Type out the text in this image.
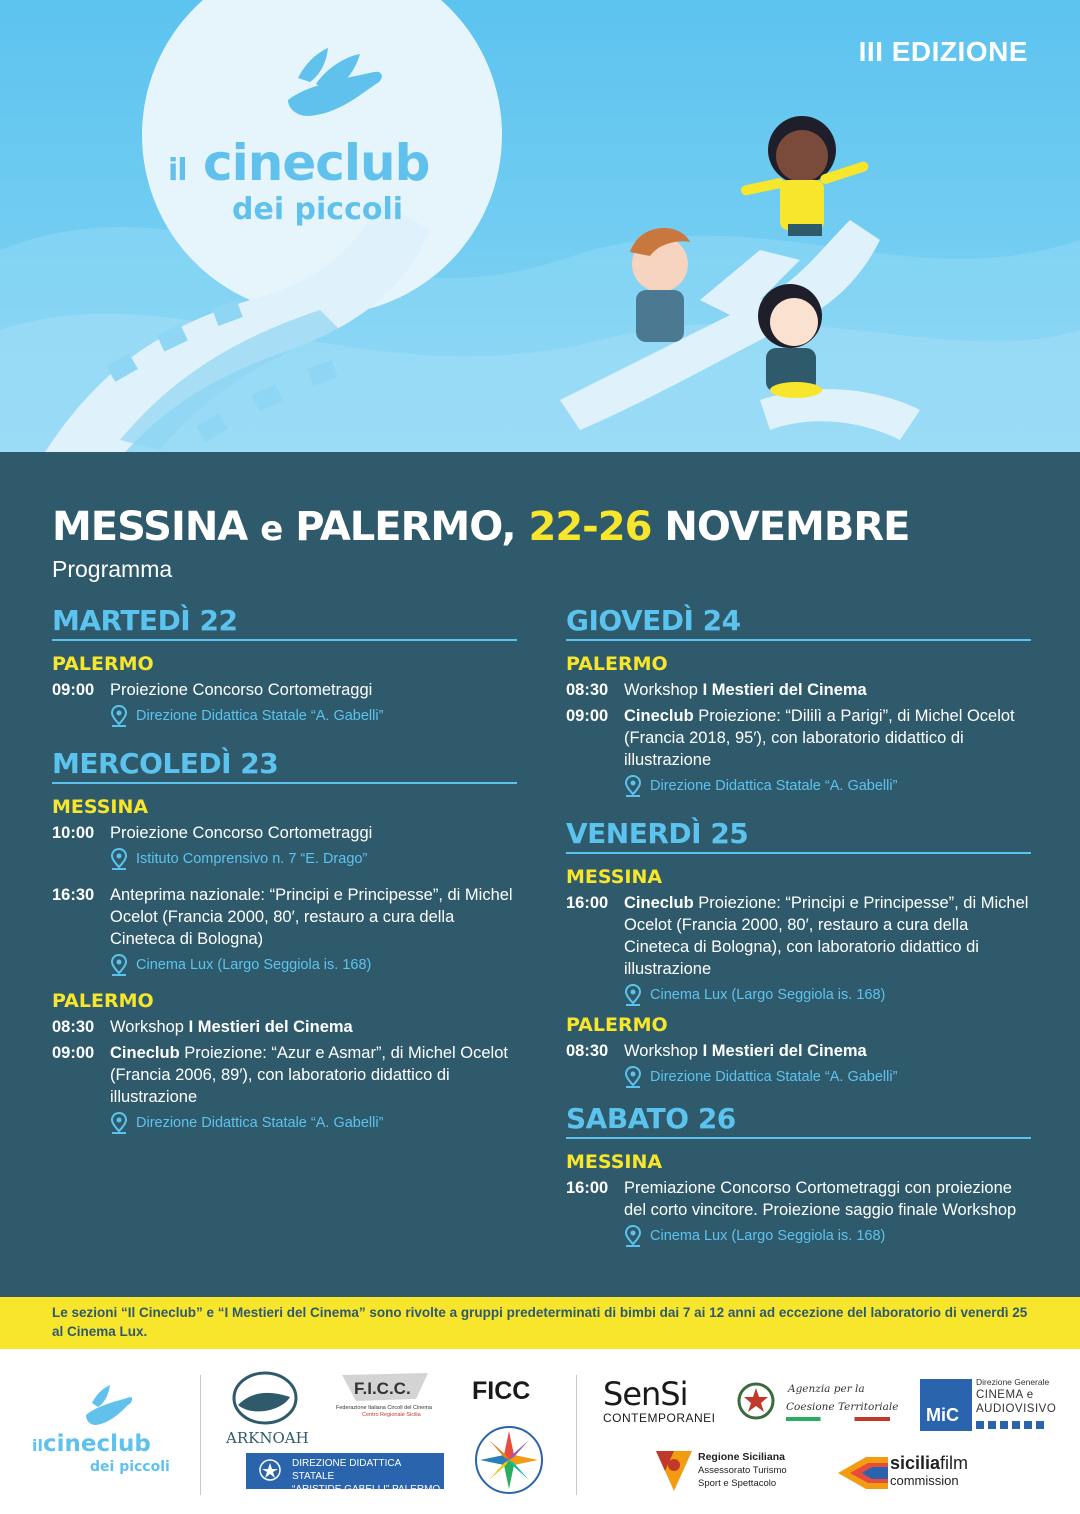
III EDIZIONE
il cineclub
dei piccoli
MESSINA e PALERMO, 22-26 NOVEMBRE
Programma
MARTEDÌ 22
PALERMO
09:00 Proiezione Concorso Cortometraggi
Direzione Didattica Statale “A. Gabelli”
MERCOLEDÌ 23
MESSINA
10:00 Proiezione Concorso Cortometraggi
Istituto Comprensivo n. 7 “E. Drago”
16:30 Anteprima nazionale: “Principi e Principesse”, di Michel Ocelot (Francia 2000, 80′, restauro a cura della Cineteca di Bologna)
Cinema Lux (Largo Seggiola is. 168)
PALERMO
08:30 Workshop I Mestieri del Cinema
09:00 Cineclub Proiezione: “Azur e Asmar”, di Michel Ocelot (Francia 2006, 89′), con laboratorio didattico di illustrazione
Direzione Didattica Statale “A. Gabelli”
GIOVEDÌ 24
PALERMO
08:30 Workshop I Mestieri del Cinema
09:00 Cineclub Proiezione: “Dililì a Parigi”, di Michel Ocelot (Francia 2018, 95′), con laboratorio didattico di illustrazione
Direzione Didattica Statale “A. Gabelli”
VENERDÌ 25
MESSINA
16:00 Cineclub Proiezione: “Principi e Principesse”, di Michel Ocelot (Francia 2000, 80′, restauro a cura della Cineteca di Bologna), con laboratorio didattico di illustrazione
Cinema Lux (Largo Seggiola is. 168)
PALERMO
08:30 Workshop I Mestieri del Cinema
Direzione Didattica Statale “A. Gabelli”
SABATO 26
MESSINA
16:00 Premiazione Concorso Cortometraggi con proiezione del corto vincitore. Proiezione saggio finale Workshop
Cinema Lux (Largo Seggiola is. 168)
Le sezioni “Il Cineclub” e “I Mestieri del Cinema” sono rivolte a gruppi predeterminati di bimbi dai 7 ai 12 anni ad eccezione del laboratorio di venerdì 25 al Cinema Lux.
ilcineclub
dei piccoli
ARKNOAH
F.I.C.C.
Federazione Italiana Circoli del Cinema
Centro Regionale Sicilia
FICC
DIREZIONE DIDATTICA STATALE
“ARISTIDE GABELLI” PALERMO
SenSi
CONTEMPORANEI
Agenzia per la
Coesione Territoriale MiC
Direzione Generale
CINEMA e
AUDIOVISIVO
Regione Siciliana
Assessorato Turismo
Sport e Spettacolo
siciliafilm
commission
